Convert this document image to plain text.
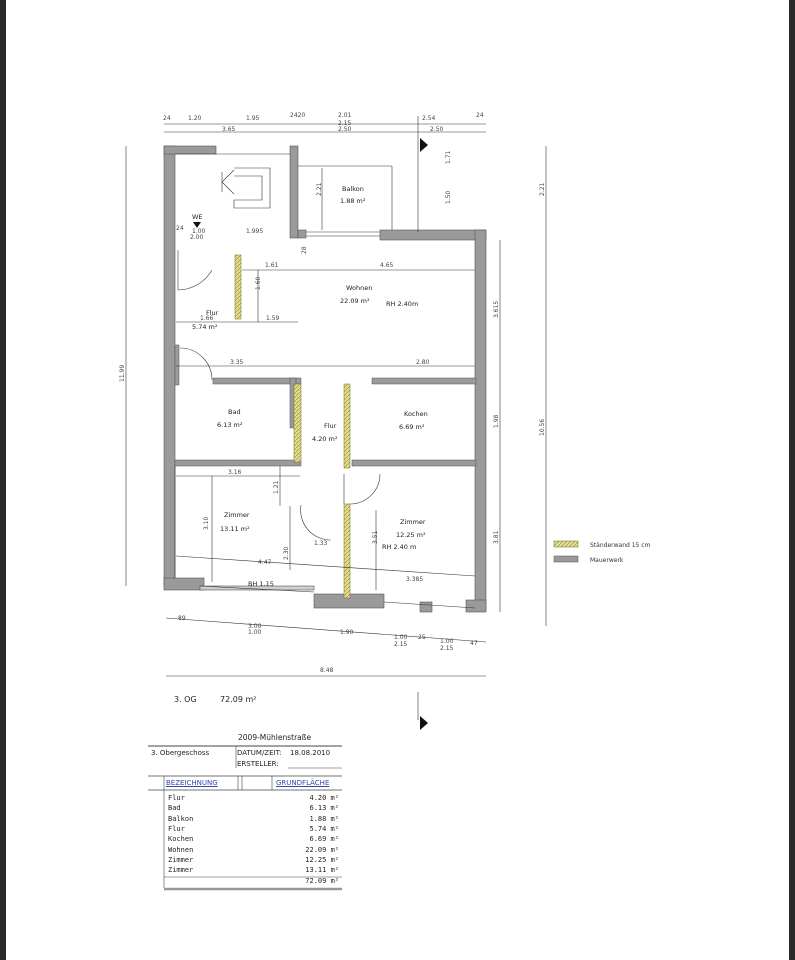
Balkon
1.88 m²
Wohnen
22.09 m²	RH 2.40m
Flur
5.74 m²
Bad
6.13 m²	Flur
4.20 m²
Kochen
6.69 m²
Zimmer
13.11 m²
BH 1.15
Zimmer
12.25 m²
RH 2.40 m
24	1.20	1.95	2420	2.01
2.15
2.54	24
3.65	2.50	2.50
2.21
1.71
1.50
3.615
1.98
3.81
10.56
2.21
11.99
1.61	4.65
1.60
1.66	1.59
3.35	2.80
3.16
3.10
1.21
2.30
3.51
4.47
1.33
3.385
89
3.00
1.00	1.90
1.00
2.15
25
1.00
2.15
47
8.48
WE
1.00
2.00
1.995
24
28
Ständerwand 15 cm
Mauerwerk
3. OG	72.09 m²
2009-Mühlenstraße
3. Obergeschoss	DATUM/ZEIT: 18.08.2010
ERSTELLER:
BEZEICHNUNG	GRUNDFLÄCHE
Flur	4.20 m²
Bad	6.13 m²
Balkon	1.88 m²
Flur	5.74 m²
Kochen	6.69 m²
Wohnen	22.09 m²
Zimmer	12.25 m²
Zimmer	13.11 m²
	72.09 m²
